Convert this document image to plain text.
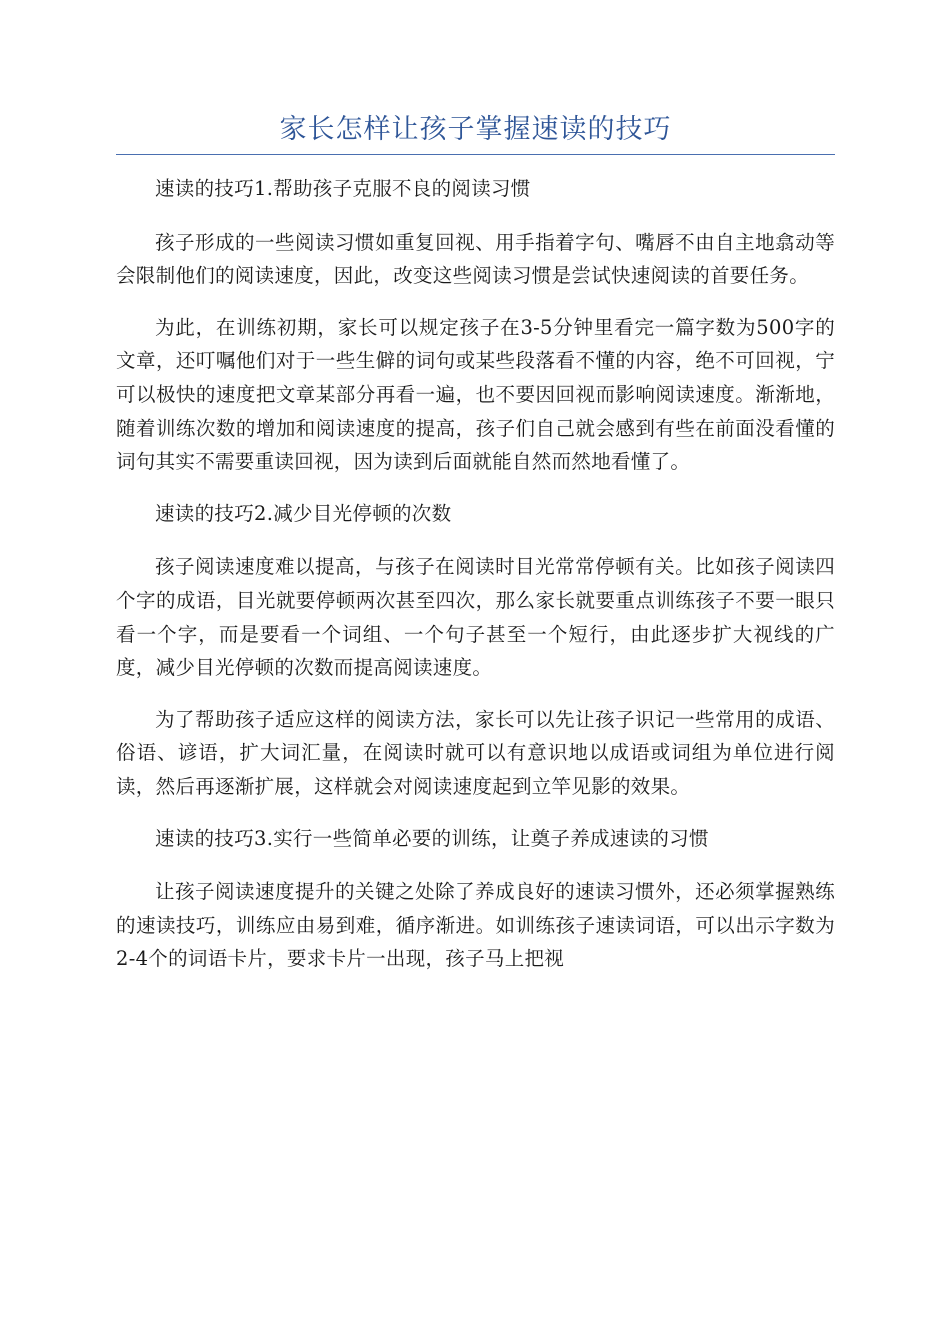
家长怎样让孩子掌握速读的技巧

速读的技巧1.帮助孩子克服不良的阅读习惯

孩子形成的一些阅读习惯如重复回视、用手指着字句、嘴唇不由自主地翕动等会限制他们的阅读速度，因此，改变这些阅读习惯是尝试快速阅读的首要任务。

为此，在训练初期，家长可以规定孩子在3-5分钟里看完一篇字数为500字的文章，还叮嘱他们对于一些生僻的词句或某些段落看不懂的内容，绝不可回视，宁可以极快的速度把文章某部分再看一遍，也不要因回视而影响阅读速度。渐渐地，随着训练次数的增加和阅读速度的提高，孩子们自己就会感到有些在前面没看懂的词句其实不需要重读回视，因为读到后面就能自然而然地看懂了。

速读的技巧2.减少目光停顿的次数

孩子阅读速度难以提高，与孩子在阅读时目光常常停顿有关。比如孩子阅读四个字的成语，目光就要停顿两次甚至四次，那么家长就要重点训练孩子不要一眼只看一个字，而是要看一个词组、一个句子甚至一个短行，由此逐步扩大视线的广度，减少目光停顿的次数而提高阅读速度。

为了帮助孩子适应这样的阅读方法，家长可以先让孩子识记一些常用的成语、俗语、谚语，扩大词汇量，在阅读时就可以有意识地以成语或词组为单位进行阅读，然后再逐渐扩展，这样就会对阅读速度起到立竿见影的效果。

速读的技巧3.实行一些简单必要的训练，让奠子养成速读的习惯

让孩子阅读速度提升的关键之处除了养成良好的速读习惯外，还必须掌握熟练的速读技巧，训练应由易到难，循序渐进。如训练孩子速读词语，可以出示字数为2-4个的词语卡片，要求卡片一出现，孩子马上把视
